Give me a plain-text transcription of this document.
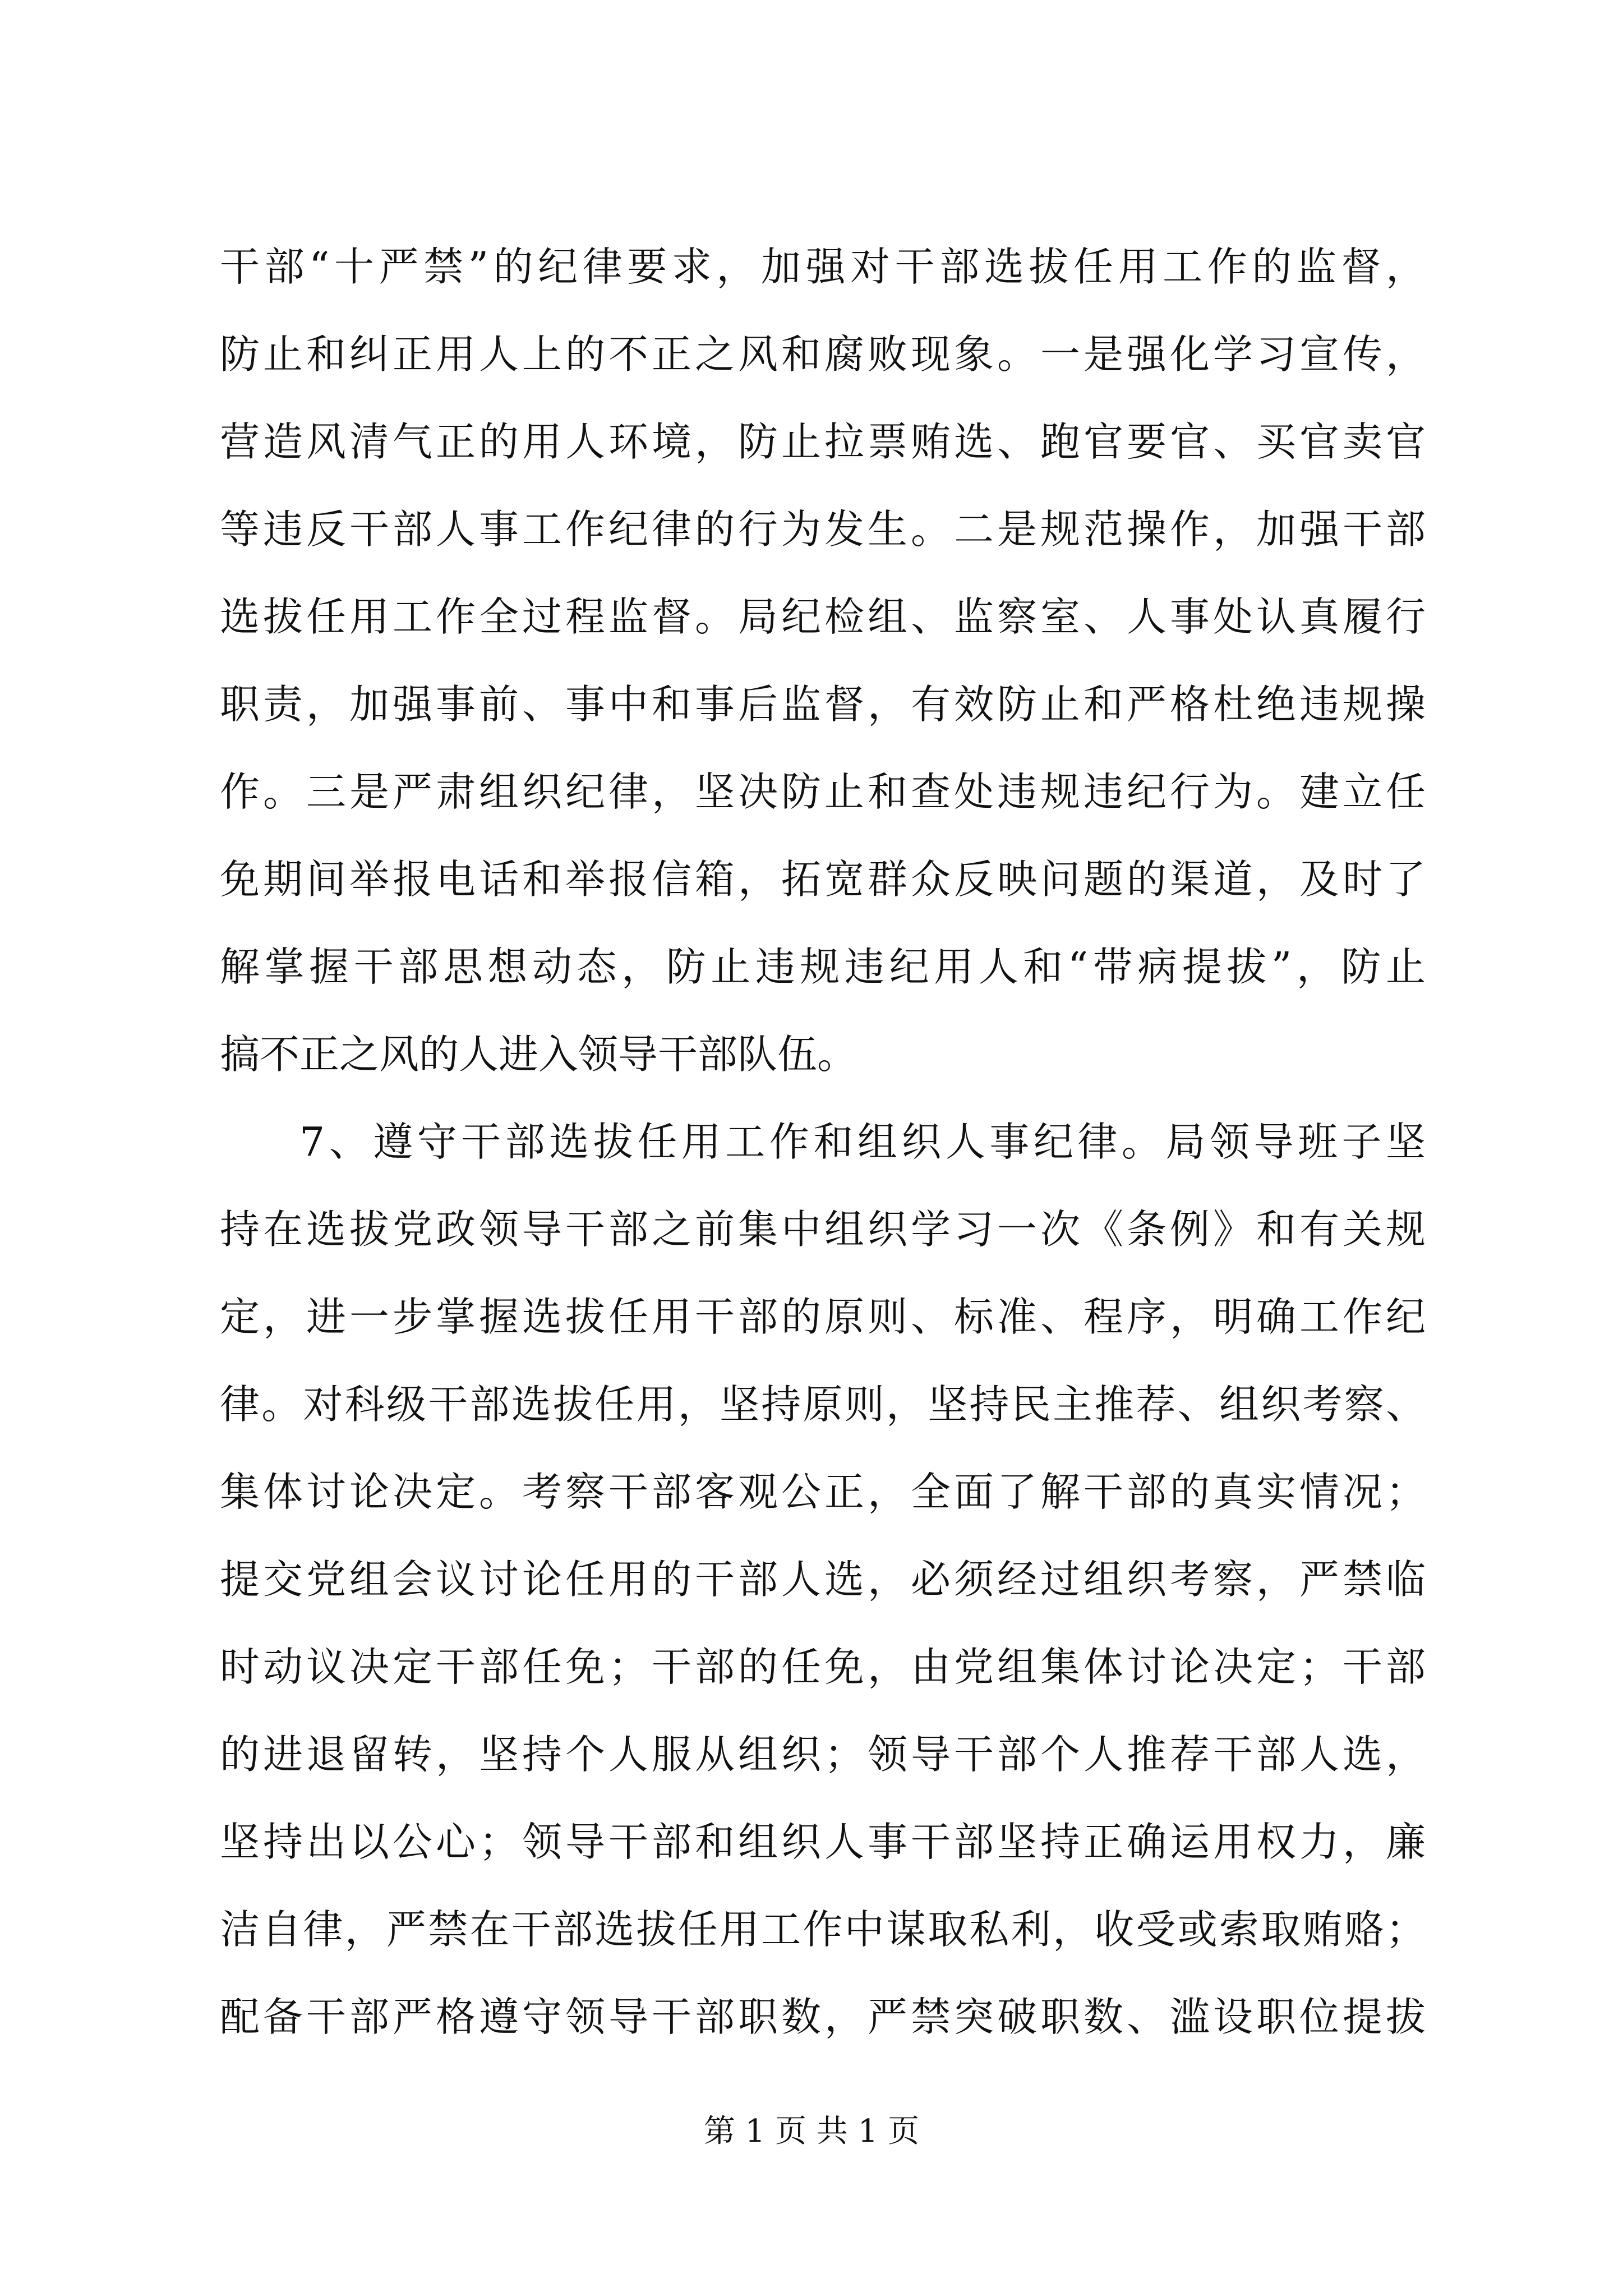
干部“十严禁”的纪律要求，加强对干部选拔任用工作的监督，
防止和纠正用人上的不正之风和腐败现象。一是强化学习宣传，
营造风清气正的用人环境，防止拉票贿选、跑官要官、买官卖官
等违反干部人事工作纪律的行为发生。二是规范操作，加强干部
选拔任用工作全过程监督。局纪检组、监察室、人事处认真履行
职责，加强事前、事中和事后监督，有效防止和严格杜绝违规操
作。三是严肃组织纪律，坚决防止和查处违规违纪行为。建立任
免期间举报电话和举报信箱，拓宽群众反映问题的渠道，及时了
解掌握干部思想动态，防止违规违纪用人和“带病提拔”，防止
搞不正之风的人进入领导干部队伍。
7、遵守干部选拔任用工作和组织人事纪律。局领导班子坚
持在选拔党政领导干部之前集中组织学习一次《条例》和有关规
定，进一步掌握选拔任用干部的原则、标准、程序，明确工作纪
律。对科级干部选拔任用，坚持原则，坚持民主推荐、组织考察、
集体讨论决定。考察干部客观公正，全面了解干部的真实情况；
提交党组会议讨论任用的干部人选，必须经过组织考察，严禁临
时动议决定干部任免；干部的任免，由党组集体讨论决定；干部
的进退留转，坚持个人服从组织；领导干部个人推荐干部人选，
坚持出以公心；领导干部和组织人事干部坚持正确运用权力，廉
洁自律，严禁在干部选拔任用工作中谋取私利，收受或索取贿赂；
配备干部严格遵守领导干部职数，严禁突破职数、滥设职位提拔
第 1 页 共 1 页
